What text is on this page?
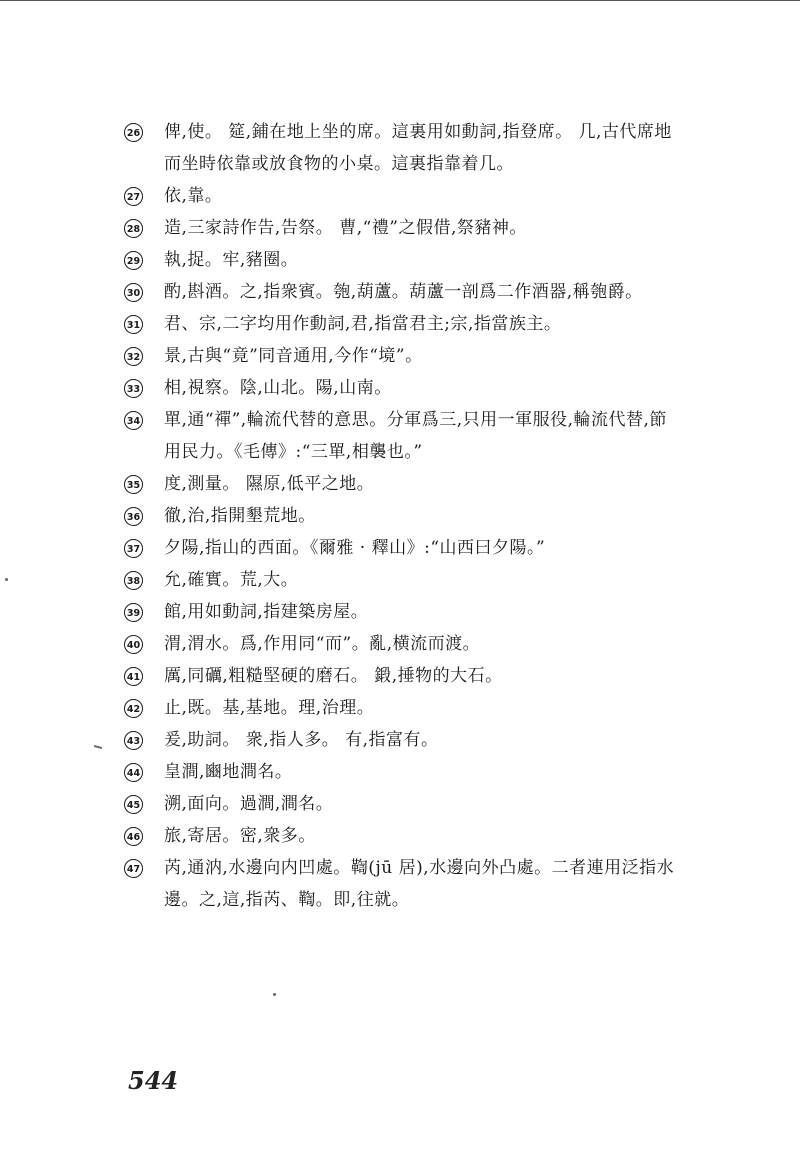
26 俾,使。 筵,鋪在地上坐的席。這裏用如動詞,指登席。 几,古代席地而坐時依靠或放食物的小桌。這裏指靠着几。
27 依,靠。
28 造,三家詩作告,告祭。 曹,“禮”之假借,祭豬神。
29 執,捉。牢,豬圈。
30 酌,斟酒。之,指衆賓。匏,葫蘆。葫蘆一剖爲二作酒器,稱匏爵。
31 君、宗,二字均用作動詞,君,指當君主;宗,指當族主。
32 景,古與“竟”同音通用,今作“境”。
33 相,視察。陰,山北。陽,山南。
34 單,通“禪”,輪流代替的意思。分軍爲三,只用一軍服役,輪流代替,節用民力。《毛傳》:“三單,相襲也。”
35 度,測量。 隰原,低平之地。
36 徹,治,指開墾荒地。
37 夕陽,指山的西面。《爾雅 · 釋山》:“山西曰夕陽。”
38 允,確實。荒,大。
39 館,用如動詞,指建築房屋。
40 渭,渭水。爲,作用同“而”。亂,横流而渡。
41 厲,同礪,粗糙堅硬的磨石。 鍛,捶物的大石。
42 止,既。基,基地。理,治理。
43 爰,助詞。 衆,指人多。 有,指富有。
44 皇澗,豳地澗名。
45 溯,面向。過澗,澗名。
46 旅,寄居。密,衆多。
47 芮,通汭,水邊向内凹處。鞫(jū 居),水邊向外凸處。二者連用泛指水邊。之,這,指芮、鞫。即,往就。
544
